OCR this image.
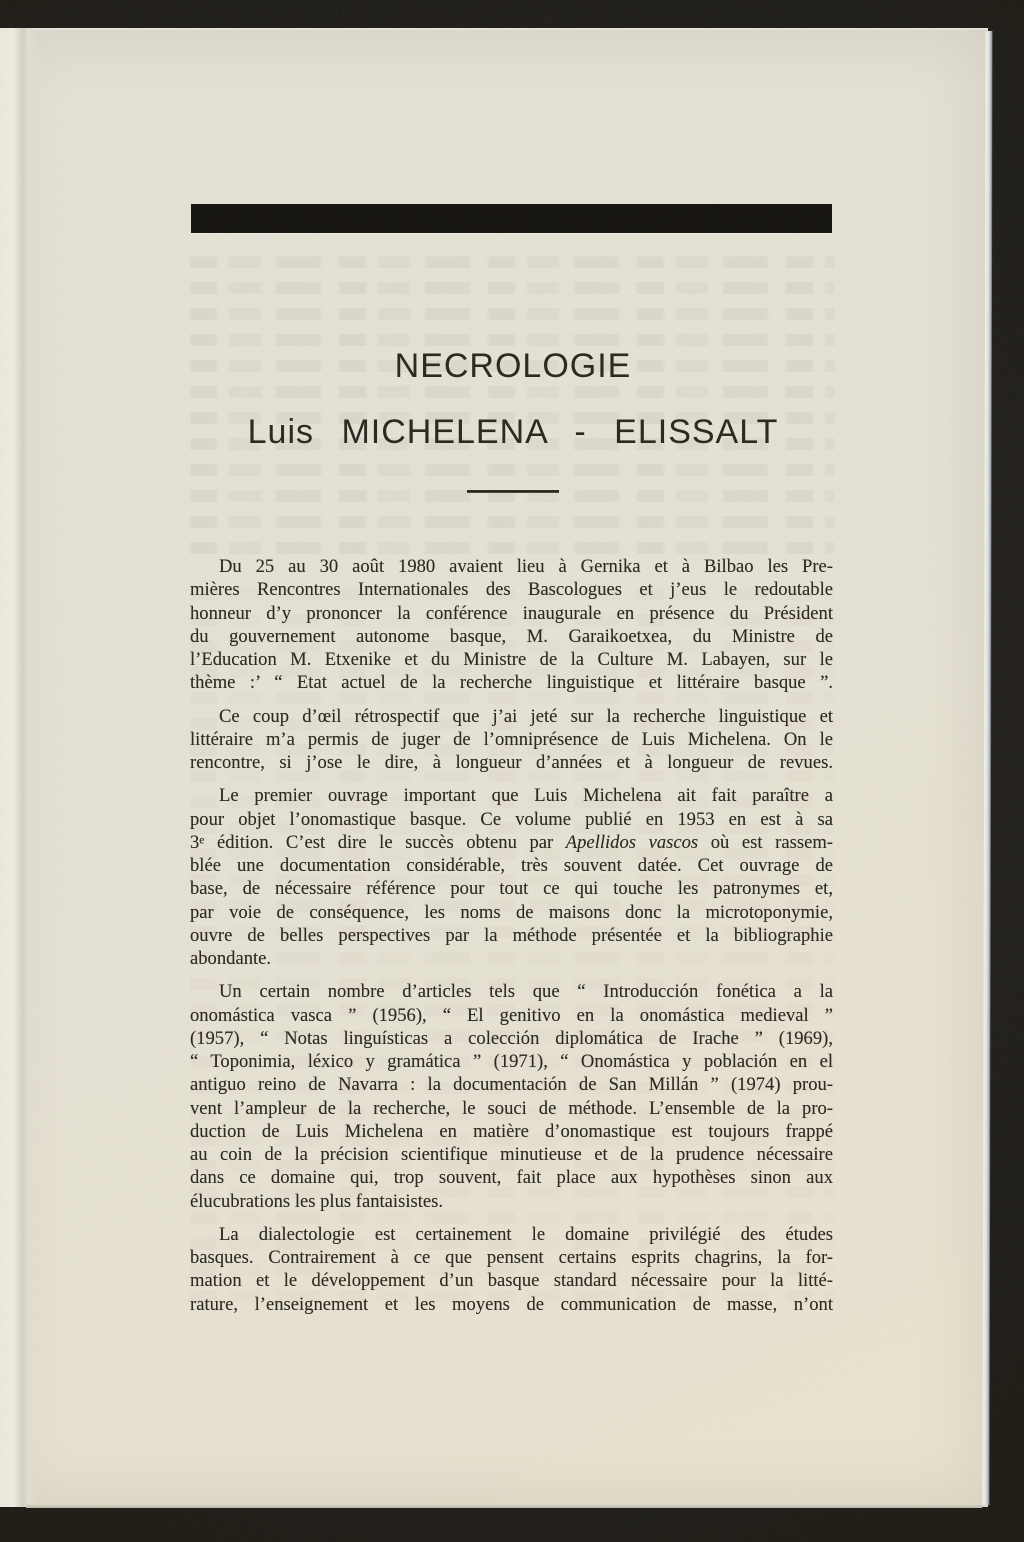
NECROLOGIE
Luis MICHELENA - ELISSALT
Du 25 au 30 août 1980 avaient lieu à Gernika et à Bilbao les Pre-
mières Rencontres Internationales des Bascologues et j’eus le redoutable
honneur d’y prononcer la conférence inaugurale en présence du Président
du gouvernement autonome basque, M. Garaikoetxea, du Ministre de
l’Education M. Etxenike et du Ministre de la Culture M. Labayen, sur le
thème :’ “ Etat actuel de la recherche linguistique et littéraire basque ”.
Ce coup d’œil rétrospectif que j’ai jeté sur la recherche linguistique et
littéraire m’a permis de juger de l’omniprésence de Luis Michelena. On le
rencontre, si j’ose le dire, à longueur d’années et à longueur de revues.
Le premier ouvrage important que Luis Michelena ait fait paraître a
pour objet l’onomastique basque. Ce volume publié en 1953 en est à sa
3e édition. C’est dire le succès obtenu par Apellidos vascos où est rassem-
blée une documentation considérable, très souvent datée. Cet ouvrage de
base, de nécessaire référence pour tout ce qui touche les patronymes et,
par voie de conséquence, les noms de maisons donc la microtoponymie,
ouvre de belles perspectives par la méthode présentée et la bibliographie
abondante.
Un certain nombre d’articles tels que “ Introducción fonética a la
onomástica vasca ” (1956), “ El genitivo en la onomástica medieval ”
(1957), “ Notas linguísticas a colección diplomática de Irache ” (1969),
“ Toponimia, léxico y gramática ” (1971), “ Onomástica y población en el
antiguo reino de Navarra : la documentación de San Millán ” (1974) prou-
vent l’ampleur de la recherche, le souci de méthode. L’ensemble de la pro-
duction de Luis Michelena en matière d’onomastique est toujours frappé
au coin de la précision scientifique minutieuse et de la prudence nécessaire
dans ce domaine qui, trop souvent, fait place aux hypothèses sinon aux
élucubrations les plus fantaisistes.
La dialectologie est certainement le domaine privilégié des études
basques. Contrairement à ce que pensent certains esprits chagrins, la for-
mation et le développement d’un basque standard nécessaire pour la litté-
rature, l’enseignement et les moyens de communication de masse, n’ont
